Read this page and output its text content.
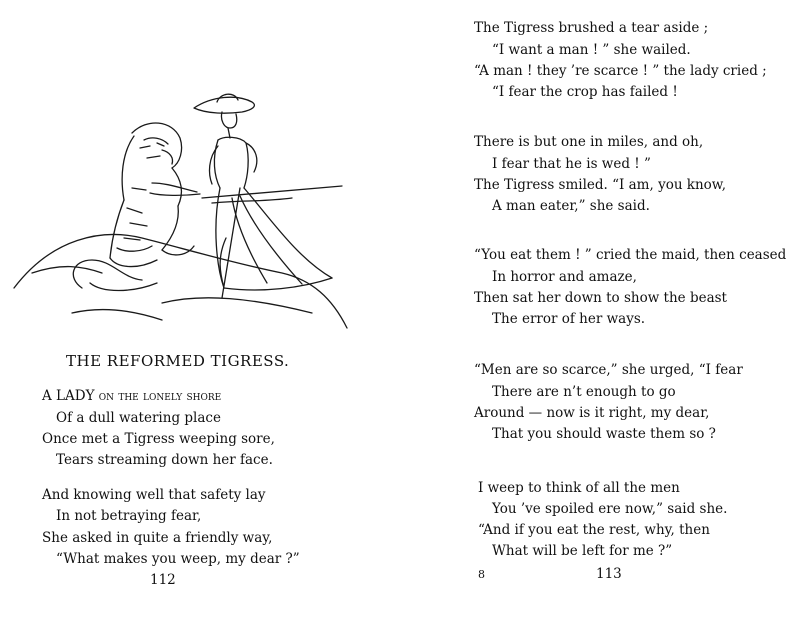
THE REFORMED TIGRESS.
A LADY on the lonely shore
Of a dull watering place
Once met a Tigress weeping sore,
Tears streaming down her face.
And knowing well that safety lay
In not betraying fear,
She asked in quite a friendly way,
“What makes you weep, my dear ?”
112
The Tigress brushed a tear aside ;
“I want a man ! ” she wailed.
“A man ! they ’re scarce ! ” the lady cried ;
“I fear the crop has failed !
There is but one in miles, and oh,
I fear that he is wed ! ”
The Tigress smiled. “I am, you know,
A man eater,” she said.
“You eat them ! ” cried the maid, then ceased
In horror and amaze,
Then sat her down to show the beast
The error of her ways.
“Men are so scarce,” she urged, “I fear
There are n’t enough to go
Around — now is it right, my dear,
That you should waste them so ?
I weep to think of all the men
You ’ve spoiled ere now,” said she.
“And if you eat the rest, why, then
What will be left for me ?”
8	113
